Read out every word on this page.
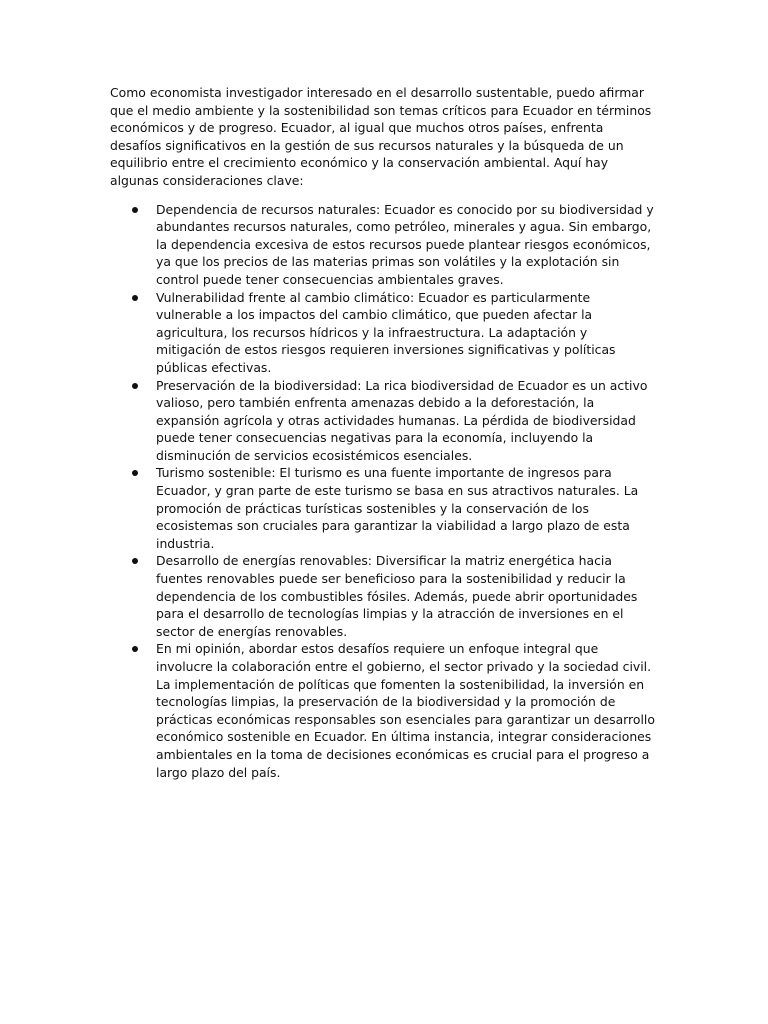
Como economista investigador interesado en el desarrollo sustentable, puedo afirmar que el medio ambiente y la sostenibilidad son temas críticos para Ecuador en términos económicos y de progreso. Ecuador, al igual que muchos otros países, enfrenta desafíos significativos en la gestión de sus recursos naturales y la búsqueda de un equilibrio entre el crecimiento económico y la conservación ambiental. Aquí hay algunas consideraciones clave:

Dependencia de recursos naturales: Ecuador es conocido por su biodiversidad y abundantes recursos naturales, como petróleo, minerales y agua. Sin embargo, la dependencia excesiva de estos recursos puede plantear riesgos económicos, ya que los precios de las materias primas son volátiles y la explotación sin control puede tener consecuencias ambientales graves.
Vulnerabilidad frente al cambio climático: Ecuador es particularmente vulnerable a los impactos del cambio climático, que pueden afectar la agricultura, los recursos hídricos y la infraestructura. La adaptación y mitigación de estos riesgos requieren inversiones significativas y políticas públicas efectivas.
Preservación de la biodiversidad: La rica biodiversidad de Ecuador es un activo valioso, pero también enfrenta amenazas debido a la deforestación, la expansión agrícola y otras actividades humanas. La pérdida de biodiversidad puede tener consecuencias negativas para la economía, incluyendo la disminución de servicios ecosistémicos esenciales.
Turismo sostenible: El turismo es una fuente importante de ingresos para Ecuador, y gran parte de este turismo se basa en sus atractivos naturales. La promoción de prácticas turísticas sostenibles y la conservación de los ecosistemas son cruciales para garantizar la viabilidad a largo plazo de esta industria.
Desarrollo de energías renovables: Diversificar la matriz energética hacia fuentes renovables puede ser beneficioso para la sostenibilidad y reducir la dependencia de los combustibles fósiles. Además, puede abrir oportunidades para el desarrollo de tecnologías limpias y la atracción de inversiones en el sector de energías renovables.
En mi opinión, abordar estos desafíos requiere un enfoque integral que involucre la colaboración entre el gobierno, el sector privado y la sociedad civil. La implementación de políticas que fomenten la sostenibilidad, la inversión en tecnologías limpias, la preservación de la biodiversidad y la promoción de prácticas económicas responsables son esenciales para garantizar un desarrollo económico sostenible en Ecuador. En última instancia, integrar consideraciones ambientales en la toma de decisiones económicas es crucial para el progreso a largo plazo del país.
